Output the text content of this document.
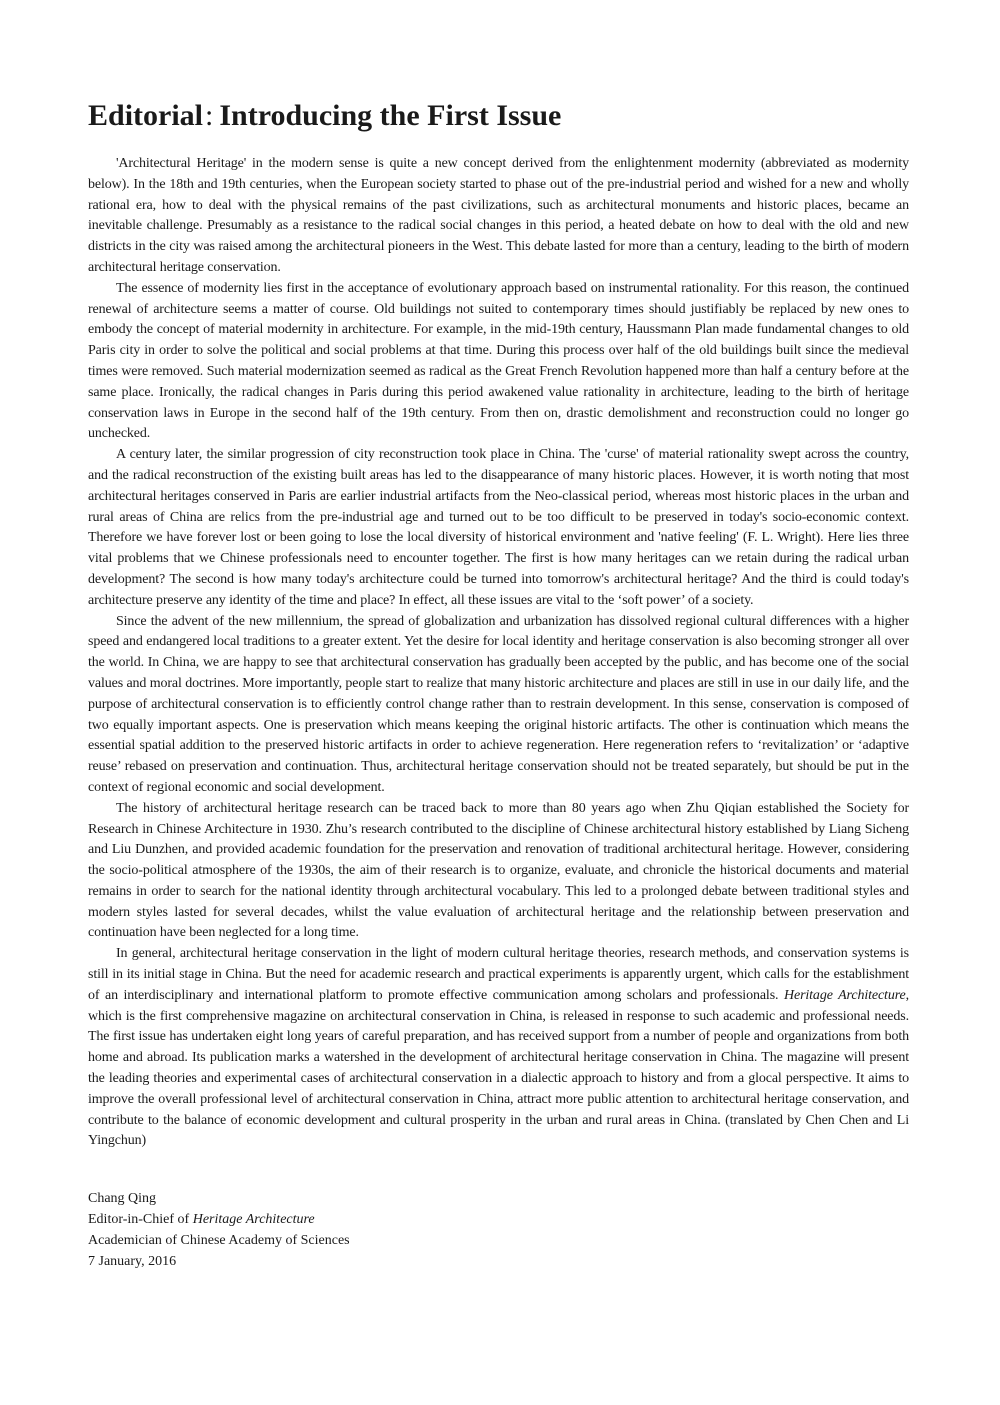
Editorial: Introducing the First Issue

'Architectural Heritage' in the modern sense is quite a new concept derived from the enlightenment modernity (abbreviated as modernity below). In the 18th and 19th centuries, when the European society started to phase out of the pre-industrial period and wished for a new and wholly rational era, how to deal with the physical remains of the past civilizations, such as architectural monuments and historic places, became an inevitable challenge. Presumably as a resistance to the radical social changes in this period, a heated debate on how to deal with the old and new districts in the city was raised among the architectural pioneers in the West. This debate lasted for more than a century, leading to the birth of modern architectural heritage conservation.

The essence of modernity lies first in the acceptance of evolutionary approach based on instrumental rationality. For this reason, the continued renewal of architecture seems a matter of course. Old buildings not suited to contemporary times should justifiably be replaced by new ones to embody the concept of material modernity in architecture. For example, in the mid-19th century, Haussmann Plan made fundamental changes to old Paris city in order to solve the political and social problems at that time. During this process over half of the old buildings built since the medieval times were removed. Such material modernization seemed as radical as the Great French Revolution happened more than half a century before at the same place. Ironically, the radical changes in Paris during this period awakened value rationality in architecture, leading to the birth of heritage conservation laws in Europe in the second half of the 19th century. From then on, drastic demolishment and reconstruction could no longer go unchecked.

A century later, the similar progression of city reconstruction took place in China. The 'curse' of material rationality swept across the country, and the radical reconstruction of the existing built areas has led to the disappearance of many historic places. However, it is worth noting that most architectural heritages conserved in Paris are earlier industrial artifacts from the Neo-classical period, whereas most historic places in the urban and rural areas of China are relics from the pre-industrial age and turned out to be too difficult to be preserved in today's socio-economic context. Therefore we have forever lost or been going to lose the local diversity of historical environment and 'native feeling' (F. L. Wright). Here lies three vital problems that we Chinese professionals need to encounter together. The first is how many heritages can we retain during the radical urban development? The second is how many today's architecture could be turned into tomorrow's architectural heritage? And the third is could today's architecture preserve any identity of the time and place? In effect, all these issues are vital to the ‘soft power’ of a society.

Since the advent of the new millennium, the spread of globalization and urbanization has dissolved regional cultural differences with a higher speed and endangered local traditions to a greater extent. Yet the desire for local identity and heritage conservation is also becoming stronger all over the world. In China, we are happy to see that architectural conservation has gradually been accepted by the public, and has become one of the social values and moral doctrines. More importantly, people start to realize that many historic architecture and places are still in use in our daily life, and the purpose of architectural conservation is to efficiently control change rather than to restrain development. In this sense, conservation is composed of two equally important aspects. One is preservation which means keeping the original historic artifacts. The other is continuation which means the essential spatial addition to the preserved historic artifacts in order to achieve regeneration. Here regeneration refers to ‘revitalization’ or ‘adaptive reuse’ rebased on preservation and continuation. Thus, architectural heritage conservation should not be treated separately, but should be put in the context of regional economic and social development.

The history of architectural heritage research can be traced back to more than 80 years ago when Zhu Qiqian established the Society for Research in Chinese Architecture in 1930. Zhu’s research contributed to the discipline of Chinese architectural history established by Liang Sicheng and Liu Dunzhen, and provided academic foundation for the preservation and renovation of traditional architectural heritage. However, considering the socio-political atmosphere of the 1930s, the aim of their research is to organize, evaluate, and chronicle the historical documents and material remains in order to search for the national identity through architectural vocabulary. This led to a prolonged debate between traditional styles and modern styles lasted for several decades, whilst the value evaluation of architectural heritage and the relationship between preservation and continuation have been neglected for a long time.

In general, architectural heritage conservation in the light of modern cultural heritage theories, research methods, and conservation systems is still in its initial stage in China. But the need for academic research and practical experiments is apparently urgent, which calls for the establishment of an interdisciplinary and international platform to promote effective communication among scholars and professionals. Heritage Architecture, which is the first comprehensive magazine on architectural conservation in China, is released in response to such academic and professional needs. The first issue has undertaken eight long years of careful preparation, and has received support from a number of people and organizations from both home and abroad. Its publication marks a watershed in the development of architectural heritage conservation in China. The magazine will present the leading theories and experimental cases of architectural conservation in a dialectic approach to history and from a glocal perspective. It aims to improve the overall professional level of architectural conservation in China, attract more public attention to architectural heritage conservation, and contribute to the balance of economic development and cultural prosperity in the urban and rural areas in China. (translated by Chen Chen and Li Yingchun)

Chang Qing
Editor-in-Chief of Heritage Architecture
Academician of Chinese Academy of Sciences
7 January, 2016
